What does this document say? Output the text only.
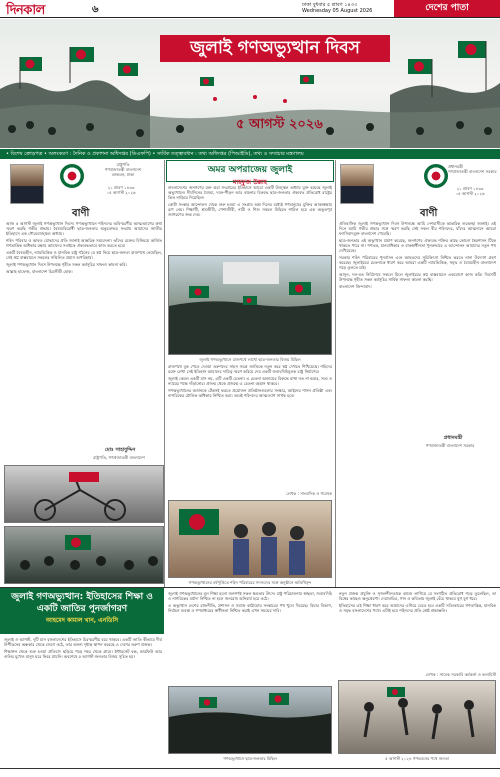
দিনকাল	৬	ঢাকা বুধবার ৫ শ্রাবণ ১৪৩৩
Wednesday 05 August 2026	দেশের পাতা
জুলাই গণঅভ্যুত্থান দিবস
৫ আগস্ট ২০২৬
• বিশেষ ক্রোড়পত্র • অলংকরণ : দৈনিক ও প্রকাশনা অধিদপ্তর (ডিএফপি) • সার্বিক তত্ত্বাবধান : তথ্য অধিদপ্তর (পিআইডি), তথ্য ও সম্প্রচার মন্ত্রণালয়
রাষ্ট্রপতি
গণপ্রজাতন্ত্রী বাংলাদেশ
বঙ্গভবন, ঢাকা
২১ শ্রাবণ ১৪৩৩
০৫ আগস্ট ২০২৬
বাণী

আজ ৫ আগস্ট জুলাই গণঅভ্যুত্থান দিবস। গণঅভ্যুত্থানে শহিদদের অবিস্মরণীয় আত্মত্যাগের কথা স্মরণ করছি গভীর শ্রদ্ধায়। বৈষম্যবিরোধী ছাত্র-জনতার অকুতোভয় সংগ্রাম আমাদের জাতীয় ইতিহাসে এক গৌরবোজ্জ্বল অধ্যায়।

শহিদ পরিবার ও আহত যোদ্ধাদের প্রতি জানাই আন্তরিক সমবেদনা। তাঁদের রক্তের বিনিময়ে অর্জিত গণতান্ত্রিক অধিকার রক্ষায় আমাদের সবাইকে ঐক্যবদ্ধভাবে কাজ করতে হবে।

একটি বৈষম্যহীন, ন্যায়ভিত্তিক ও মানবিক রাষ্ট্র গঠনের যে স্বপ্ন নিয়ে ছাত্র-জনতা রাজপথে নেমেছিল, সেই স্বপ্ন বাস্তবায়নে সকলের সম্মিলিত প্রয়াস অপরিহার্য।

জুলাই গণঅভ্যুত্থান দিবস উপলক্ষে গৃহীত সকল কর্মসূচির সাফল্য কামনা করি।

আল্লাহ হাফেজ, বাংলাদেশ চিরজীবী হোক।

মোঃ সাহাবুদ্দিন
রাষ্ট্রপতি, গণপ্রজাতন্ত্রী বাংলাদেশ
অমর অপরাজেয় জুলাই
মাহফুজ উল্লাহ

বাংলাদেশের জনগণের রক্ত ঝরা সংগ্রামের ইতিহাসে আরো একটি উজ্জ্বল অধ্যায় যুক্ত হয়েছে জুলাই অভ্যুত্থানে। দীর্ঘদিনের বৈষম্য, দমন-পীড়ন আর বঞ্চনার বিরুদ্ধে ছাত্র-জনতার ঐক্যবদ্ধ প্রতিরোধ রাষ্ট্রের ভিত নাড়িয়ে দিয়েছিল।

কোটা সংস্কার আন্দোলন থেকে শুরু হওয়া এ সংগ্রাম অল্প দিনের মধ্যেই গণমানুষের মুক্তির আকাঙ্ক্ষায় রূপ নেয়। শিক্ষার্থী, শ্রমজীবী, পেশাজীবী, নারী ও শিশু সকলে মিছিলে শামিল হয়ে এক অভূতপূর্ব জাগরণের জন্ম দেয়।

জুলাই গণঅভ্যুত্থানে রাজপথে লাখো ছাত্র-জনতার বিজয় মিছিল

রাজপথে বুক পেতে দেওয়া তরুণদের সাহস সমগ্র জাতিকে নতুন করে স্বপ্ন দেখতে শিখিয়েছে। শহিদের রক্তে লেখা সেই ইতিহাস আমাদের দায়িত্ব স্মরণ করিয়ে দেয় একটি জবাবদিহিমূলক রাষ্ট্র নির্মাণের।

জুলাই কেবল একটি মাস নয়, এটি একটি চেতনা। এ চেতনা অন্যায়ের বিরুদ্ধে মাথা নত না করার, সত্য ও ন্যায়ের পক্ষে দাঁড়ানোর। প্রজন্ম থেকে প্রজন্মে এ চেতনা বহমান থাকবে।

গণঅভ্যুত্থানের অর্জনকে টেকসই করতে প্রয়োজন প্রতিষ্ঠানগুলোর সংস্কার, আইনের শাসন প্রতিষ্ঠা এবং নাগরিকের মৌলিক অধিকার নিশ্চিত করা। তবেই শহিদদের আত্মত্যাগ সার্থক হবে।

লেখক : সাংবাদিক ও গবেষক
গণঅভ্যুত্থানের বর্ষপূর্তিতে শহিদ পরিবারের সদস্যদের সঙ্গে অনুষ্ঠানে অতিথিবৃন্দ
প্রধানমন্ত্রী
গণপ্রজাতন্ত্রী বাংলাদেশ সরকার
২১ শ্রাবণ ১৪৩৩
০৫ আগস্ট ২০২৬
বাণী

ঐতিহাসিক জুলাই গণঅভ্যুত্থান দিবস উপলক্ষে আমি দেশবাসীকে আন্তরিক শুভেচ্ছা জানাই। এই দিনে আমি গভীর শ্রদ্ধার সঙ্গে স্মরণ করছি সেই সকল বীর শহিদদের, যাঁদের আত্মদানে আমরা ফ্যাসিবাদমুক্ত বাংলাদেশ পেয়েছি।

ছাত্র-জনতার এই অভ্যুত্থান প্রমাণ করেছে, জনগণের ঐক্যবদ্ধ শক্তির কাছে কোনো স্বৈরশাসন টিকে থাকতে পারে না। গণতন্ত্র, মানবাধিকার ও বাকস্বাধীনতা পুনরুদ্ধারে এ আন্দোলন আমাদের নতুন পথ দেখিয়েছে।

সরকার শহিদ পরিবারের পুনর্বাসন এবং আহতদের সুচিকিৎসা নিশ্চিত করতে নানা উদ্যোগ গ্রহণ করেছে। জুলাইয়ের চেতনাকে ধারণ করে আমরা একটি ন্যায়ভিত্তিক, সমৃদ্ধ ও বৈষম্যহীন বাংলাদেশ গড়ে তুলতে চাই।

আসুন, দল-মত নির্বিশেষে সকলে মিলে জুলাইয়ের স্বপ্ন বাস্তবায়নে একযোগে কাজ করি। দিবসটি উপলক্ষে গৃহীত সকল কর্মসূচির সার্বিক সাফল্য কামনা করছি।

বাংলাদেশ জিন্দাবাদ।

প্রধানমন্ত্রী
গণপ্রজাতন্ত্রী বাংলাদেশ সরকার
জুলাই গণঅভ্যুত্থান: ইতিহাসের শিক্ষা ও একটি জাতির পুনর্জাগরণ
আহমেদ কামাল খান, এনডিসি

জুলাই ও আগস্ট, দুটি মাস বাংলাদেশের ইতিহাসে চিরস্মরণীয় হয়ে থাকবে। একটি জাতি কীভাবে দীর্ঘ নিপীড়নের অন্ধকার থেকে জেগে ওঠে, তার অনন্য দৃষ্টান্ত স্থাপন করেছে এ দেশের তরুণ প্রজন্ম।

শিক্ষাঙ্গন থেকে শুরু হওয়া প্রতিবাদ ছড়িয়ে পড়ে শহর থেকে গ্রামে। ইন্টারনেট বন্ধ, কারফিউ আর গুলির মুখেও মানুষ ঘরে ফিরে যায়নি। অবশেষে ৫ আগস্ট জনতার বিজয় সূচিত হয়।

জুলাই গণঅভ্যুত্থানের মূল শিক্ষা হলো জনগণই সকল ক্ষমতার উৎস। রাষ্ট্র পরিচালনায় স্বচ্ছতা, জবাবদিহি ও নাগরিকের মর্যাদা নিশ্চিত না হলে জনরোষ অনিবার্য হয়ে ওঠে।

এ অভ্যুত্থান দেশের রাজনীতি, প্রশাসন ও সমাজ কাঠামোয় সংস্কারের পথ খুলে দিয়েছে। বিচার বিভাগ, নির্বাচন ব্যবস্থা ও গণমাধ্যমের স্বাধীনতা নিশ্চিত করাই এখন সময়ের দাবি।

গণঅভ্যুত্থানে ছাত্র-জনতার মিছিল

নতুন প্রজন্ম প্রযুক্তি ও সৃজনশীলতাকে কাজে লাগিয়ে যে সংগঠিত প্রতিরোধ গড়ে তুলেছিল, তা বিশ্বের কাছেও অনুপ্রেরণা। দেয়ালচিত্র, গান ও কবিতায় জুলাই বেঁচে থাকবে যুগ যুগ ধরে।

ইতিহাসের এই শিক্ষা ধারণ করে আমাদের এগিয়ে যেতে হবে একটি সত্যিকারের গণতান্ত্রিক, মানবিক ও সমৃদ্ধ বাংলাদেশের পথে। এটাই হবে শহিদদের প্রতি শ্রেষ্ঠ শ্রদ্ধাঞ্জলি।

লেখক : সাবেক সরকারি কর্মকর্তা ও কলামিস্ট
৫ আগস্ট ২০২৪ গণভবনের পথে জনতা
